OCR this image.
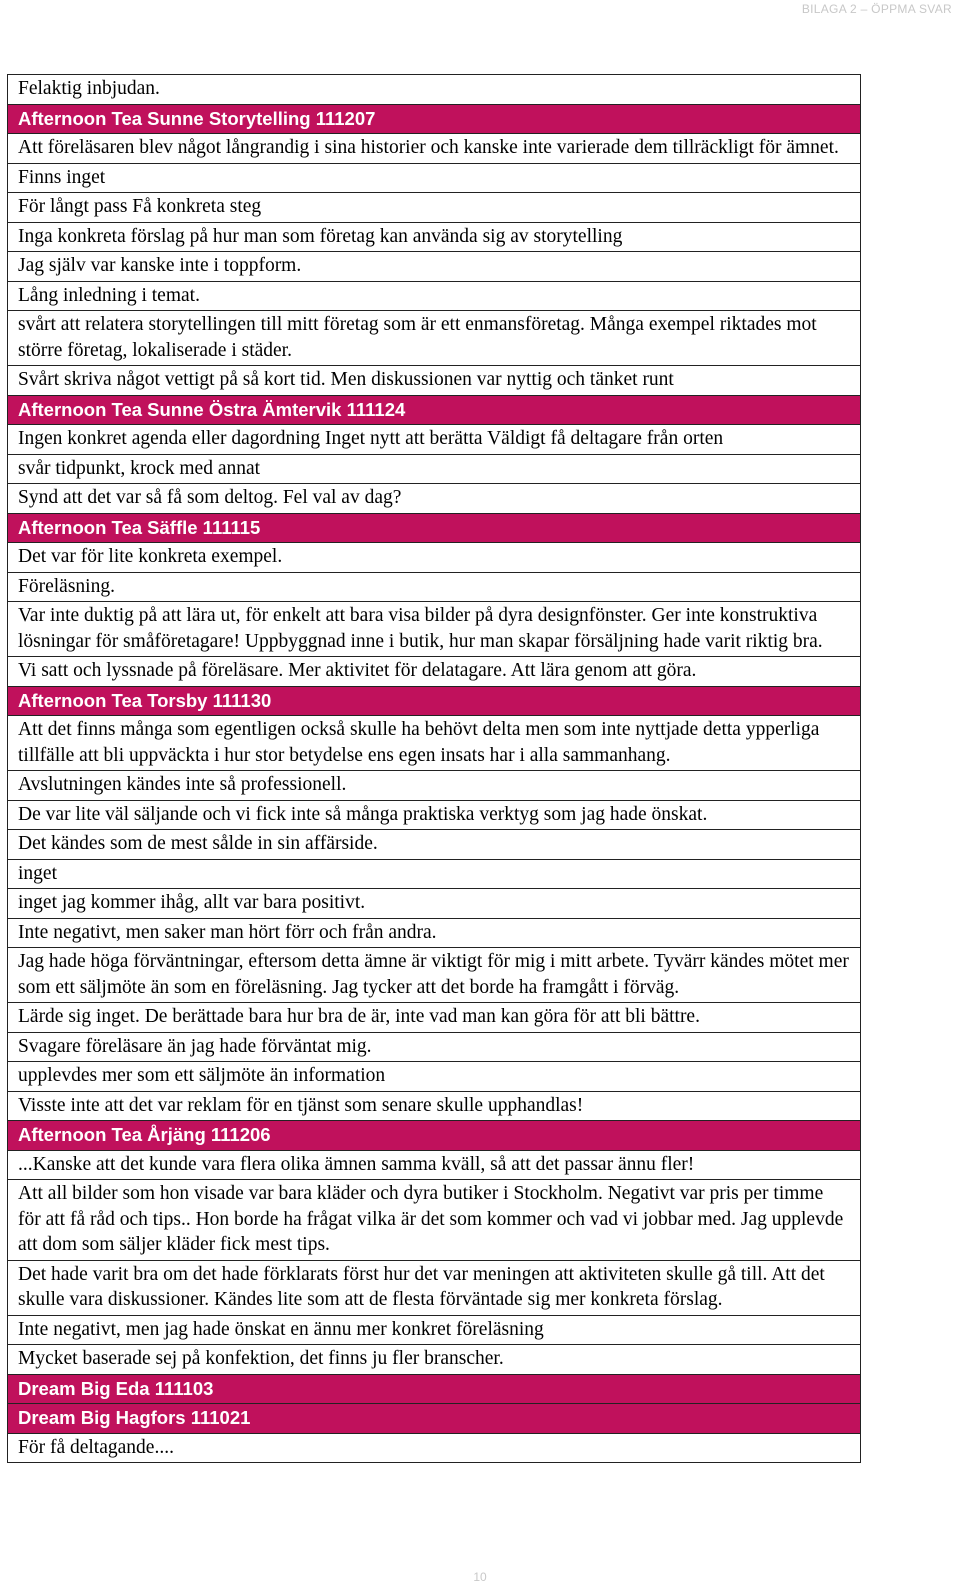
BILAGA 2 – ÖPPMA SVAR
Felaktig inbjudan.
Afternoon Tea Sunne Storytelling 111207
Att föreläsaren blev något långrandig i sina historier och kanske inte varierade dem tillräckligt för ämnet.
Finns inget
För långt pass Få konkreta steg
Inga konkreta förslag på hur man som företag kan använda sig av storytelling
Jag själv var kanske inte i toppform.
Lång inledning i temat.
svårt att relatera storytellingen till mitt företag som är ett enmansföretag. Många exempel riktades mot större företag, lokaliserade i städer.
Svårt skriva något vettigt på så kort tid. Men diskussionen var nyttig och tänket runt
Afternoon Tea Sunne Östra Ämtervik 111124
Ingen konkret agenda eller dagordning Inget nytt att berätta Väldigt få deltagare från orten
svår tidpunkt, krock med annat
Synd att det var så få som deltog. Fel val av dag?
Afternoon Tea Säffle 111115
Det var för lite konkreta exempel.
Föreläsning.
Var inte duktig på att lära ut, för enkelt att bara visa bilder på dyra designfönster. Ger inte konstruktiva lösningar för småföretagare! Uppbyggnad inne i butik, hur man skapar försäljning hade varit riktig bra.
Vi satt och lyssnade på föreläsare. Mer aktivitet för delatagare. Att lära genom att göra.
Afternoon Tea Torsby 111130
Att det finns många som egentligen också skulle ha behövt delta men som inte nyttjade detta ypperliga tillfälle att bli uppväckta i hur stor betydelse ens egen insats har i alla sammanhang.
Avslutningen kändes inte så professionell.
De var lite väl säljande och vi fick inte så många praktiska verktyg som jag hade önskat.
Det kändes som de mest sålde in sin affärside.
inget
inget jag kommer ihåg, allt var bara positivt.
Inte negativt, men saker man hört förr och från andra.
Jag hade höga förväntningar, eftersom detta ämne är viktigt för mig i mitt arbete. Tyvärr kändes mötet mer som ett säljmöte än som en föreläsning. Jag tycker att det borde ha framgått i förväg.
Lärde sig inget. De berättade bara hur bra de är, inte vad man kan göra för att bli bättre.
Svagare föreläsare än jag hade förväntat mig.
upplevdes mer som ett säljmöte än information
Visste inte att det var reklam för en tjänst som senare skulle upphandlas!
Afternoon Tea Årjäng 111206
...Kanske att det kunde vara flera olika ämnen samma kväll, så att det passar ännu fler!
Att all bilder som hon visade var bara kläder och dyra butiker i Stockholm. Negativt var pris per timme för att få råd och tips.. Hon borde ha frågat vilka är det som kommer och vad vi jobbar med. Jag upplevde att dom som säljer kläder fick mest tips.
Det hade varit bra om det hade förklarats först hur det var meningen att aktiviteten skulle gå till. Att det skulle vara diskussioner. Kändes lite som att de flesta förväntade sig mer konkreta förslag.
Inte negativt, men jag hade önskat en ännu mer konkret föreläsning
Mycket baserade sej på konfektion, det finns ju fler branscher.
Dream Big Eda 111103
Dream Big Hagfors 111021
För få deltagande....
10
